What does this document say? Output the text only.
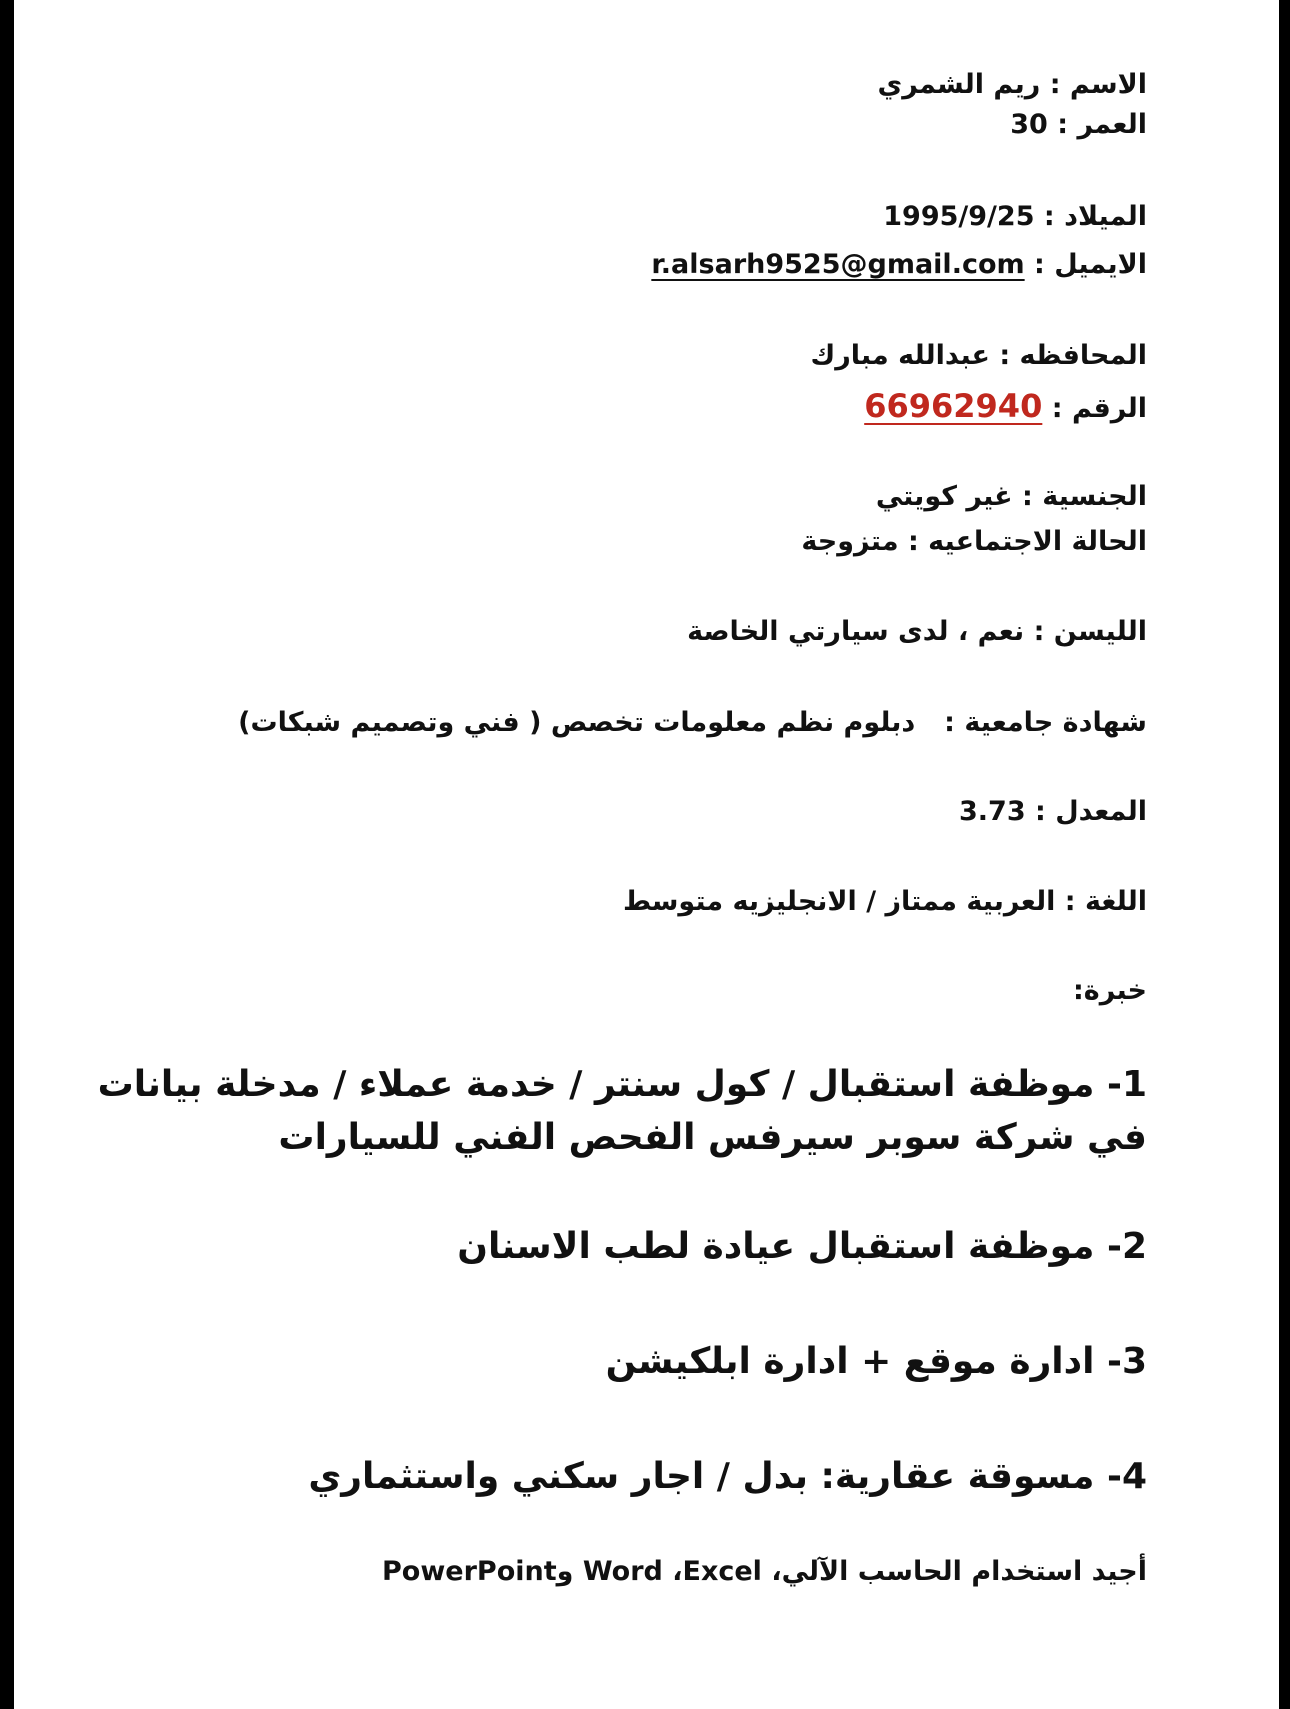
الاسم : ريم الشمري
العمر : 30
الميلاد : 1995/9/25
الايميل : r.alsarh9525@gmail.com
المحافظه : عبدالله مبارك
الرقم : 66962940
الجنسية : غير كويتي
الحالة الاجتماعيه : متزوجة
الليسن : نعم ، لدى سيارتي الخاصة
شهادة جامعية :  دبلوم نظم معلومات تخصص ( فني وتصميم شبكات)
المعدل : 3.73
اللغة : العربية ممتاز / الانجليزيه متوسط
خبرة:
1- موظفة استقبال / كول سنتر / خدمة عملاء / مدخلة بيانات
في شركة سوبر سيرفس الفحص الفني للسيارات
2- موظفة استقبال عيادة لطب الاسنان
3- ادارة موقع + ادارة ابلكيشن
4- مسوقة عقارية: بدل / اجار سكني واستثماري
أجيد استخدام الحاسب الآلي، Word ،Excel وPowerPoint
